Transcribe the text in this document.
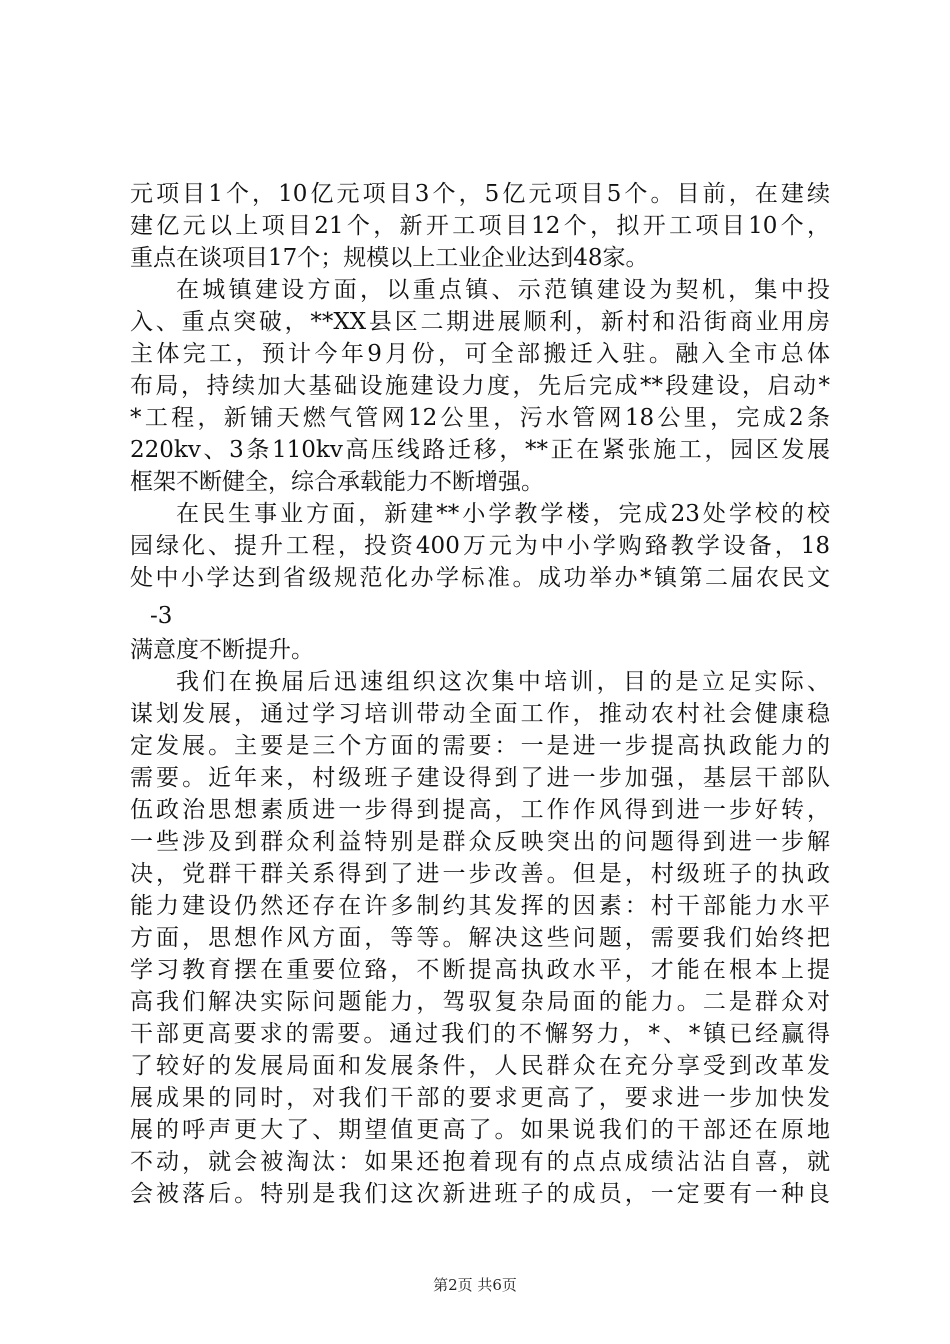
元项目1个，10亿元项目3个，5亿元项目5个。目前，在建续
建亿元以上项目21个，新开工项目12个，拟开工项目10个，
重点在谈项目17个；规模以上工业企业达到48家。
在城镇建设方面，以重点镇、示范镇建设为契机，集中投
入、重点突破，**XX县区二期进展顺利，新村和沿街商业用房
主体完工，预计今年9月份，可全部搬迁入驻。融入全市总体
布局，持续加大基础设施建设力度，先后完成**段建设，启动*
*工程，新铺天燃气管网12公里，污水管网18公里，完成2条
220kv、3条110kv高压线路迁移，**正在紧张施工，园区发展
框架不断健全，综合承载能力不断增强。
在民生事业方面，新建**小学教学楼，完成23处学校的校
园绿化、提升工程，投资400万元为中小学购臵教学设备，18
处中小学达到省级规范化办学标准。成功举办*镇第二届农民文
-3
满意度不断提升。
我们在换届后迅速组织这次集中培训，目的是立足实际、
谋划发展，通过学习培训带动全面工作，推动农村社会健康稳
定发展。主要是三个方面的需要：一是进一步提高执政能力的
需要。近年来，村级班子建设得到了进一步加强，基层干部队
伍政治思想素质进一步得到提高，工作作风得到进一步好转，
一些涉及到群众利益特别是群众反映突出的问题得到进一步解
决，党群干群关系得到了进一步改善。但是，村级班子的执政
能力建设仍然还存在许多制约其发挥的因素：村干部能力水平
方面，思想作风方面，等等。解决这些问题，需要我们始终把
学习教育摆在重要位臵，不断提高执政水平，才能在根本上提
高我们解决实际问题能力，驾驭复杂局面的能力。二是群众对
干部更高要求的需要。通过我们的不懈努力，*、*镇已经赢得
了较好的发展局面和发展条件，人民群众在充分享受到改革发
展成果的同时，对我们干部的要求更高了，要求进一步加快发
展的呼声更大了、期望值更高了。如果说我们的干部还在原地
不动，就会被淘汰：如果还抱着现有的点点成绩沾沾自喜，就
会被落后。特别是我们这次新进班子的成员，一定要有一种良
第2页 共6页
